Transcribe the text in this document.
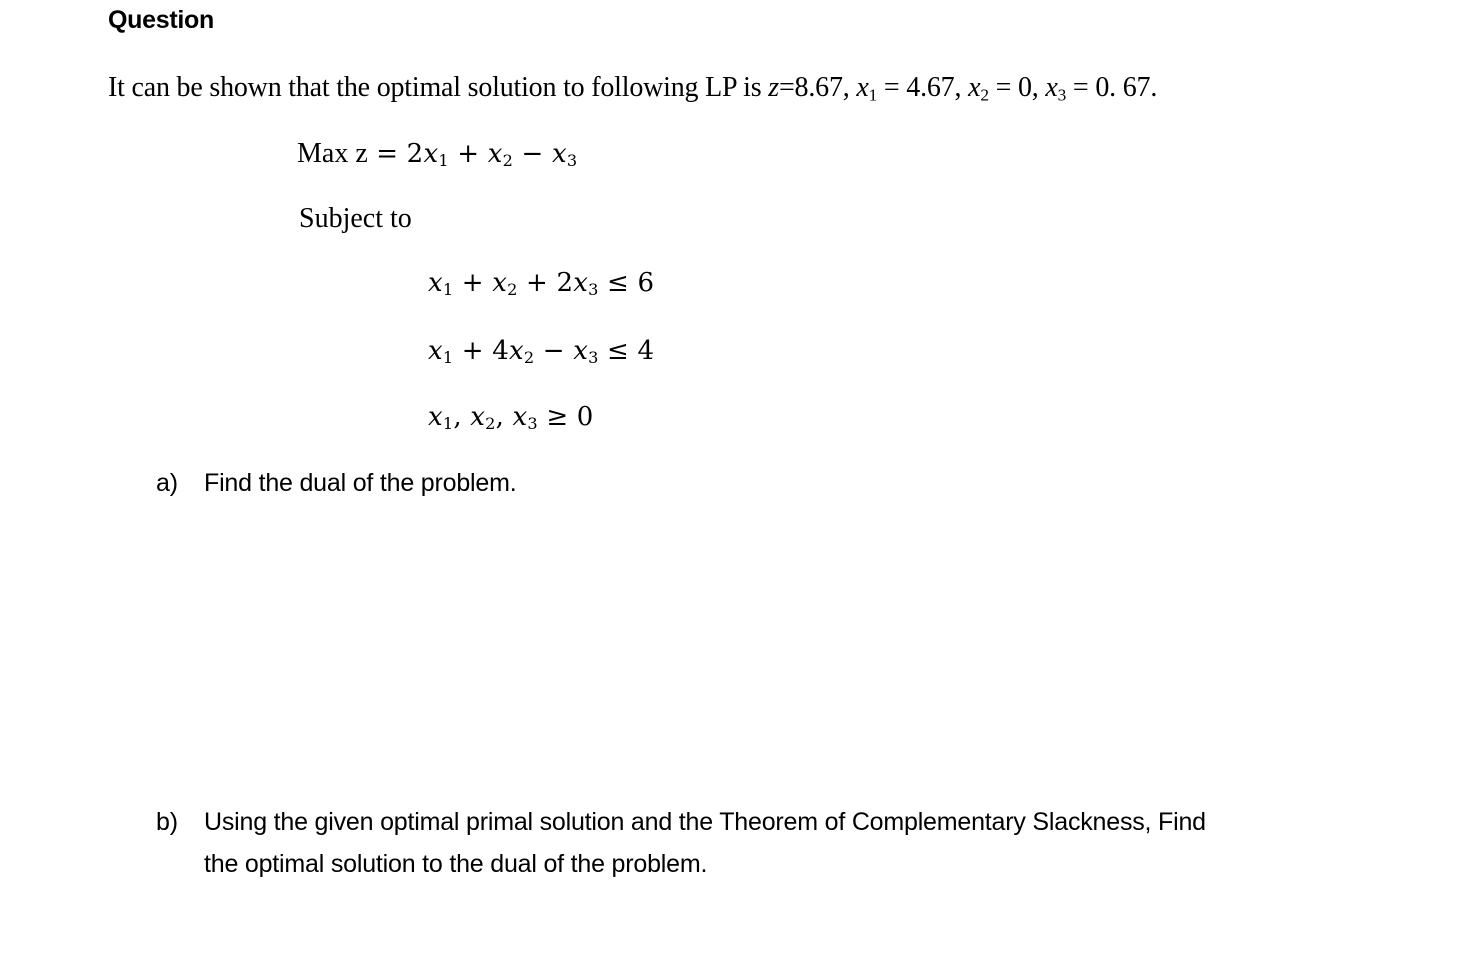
Question
It can be shown that the optimal solution to following LP is z=8.67, $x_1 = 4.67$, $x_2 = 0$, $x_3 = 0$. 67.
Max $z = 2x_1 + x_2 - x_3$
Subject to
$x_1 + x_2 + 2x_3 \le 6$
$x_1 + 4x_2 - x_3 \le 4$
$x_1$, $x_2$, $x_3 \ge 0$
a) Find the dual of the problem.
b) Using the given optimal primal solution and the Theorem of Complementary Slackness, Find
the optimal solution to the dual of the problem.
